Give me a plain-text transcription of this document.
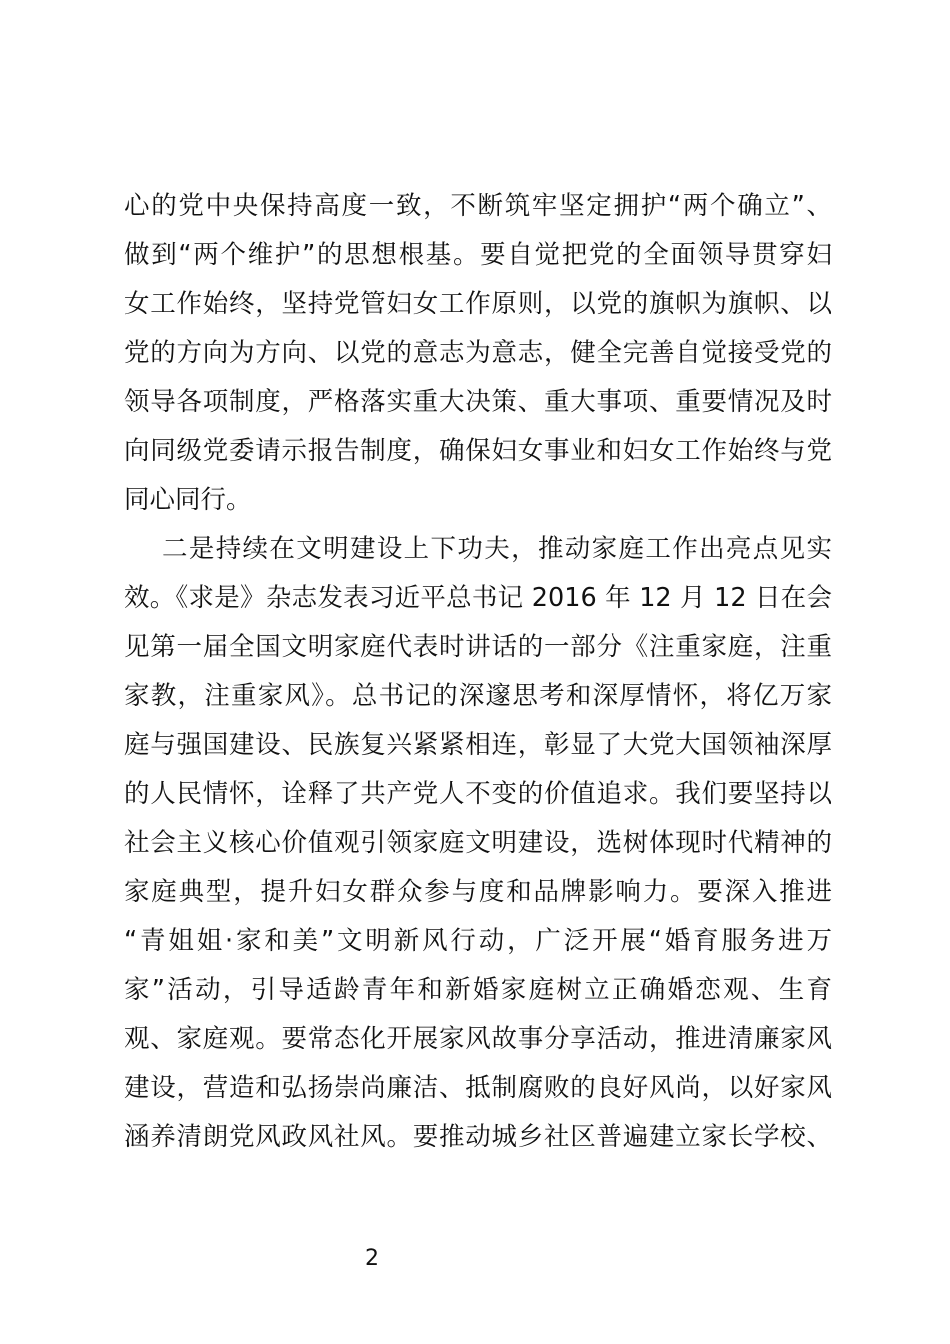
心的党中央保持高度一致，不断筑牢坚定拥护“两个确立”、
做到“两个维护”的思想根基。要自觉把党的全面领导贯穿妇
女工作始终，坚持党管妇女工作原则，以党的旗帜为旗帜、以
党的方向为方向、以党的意志为意志，健全完善自觉接受党的
领导各项制度，严格落实重大决策、重大事项、重要情况及时
向同级党委请示报告制度，确保妇女事业和妇女工作始终与党
同心同行。
二是持续在文明建设上下功夫，推动家庭工作出亮点见实
效。《求是》杂志发表习近平总书记 2016 年 12 月 12 日在会
见第一届全国文明家庭代表时讲话的一部分《注重家庭，注重
家教，注重家风》。总书记的深邃思考和深厚情怀，将亿万家
庭与强国建设、民族复兴紧紧相连，彰显了大党大国领袖深厚
的人民情怀，诠释了共产党人不变的价值追求。我们要坚持以
社会主义核心价值观引领家庭文明建设，选树体现时代精神的
家庭典型，提升妇女群众参与度和品牌影响力。要深入推进
“青姐姐·家和美”文明新风行动，广泛开展“婚育服务进万
家”活动，引导适龄青年和新婚家庭树立正确婚恋观、生育
观、家庭观。要常态化开展家风故事分享活动，推进清廉家风
建设，营造和弘扬崇尚廉洁、抵制腐败的良好风尚，以好家风
涵养清朗党风政风社风。要推动城乡社区普遍建立家长学校、
2
